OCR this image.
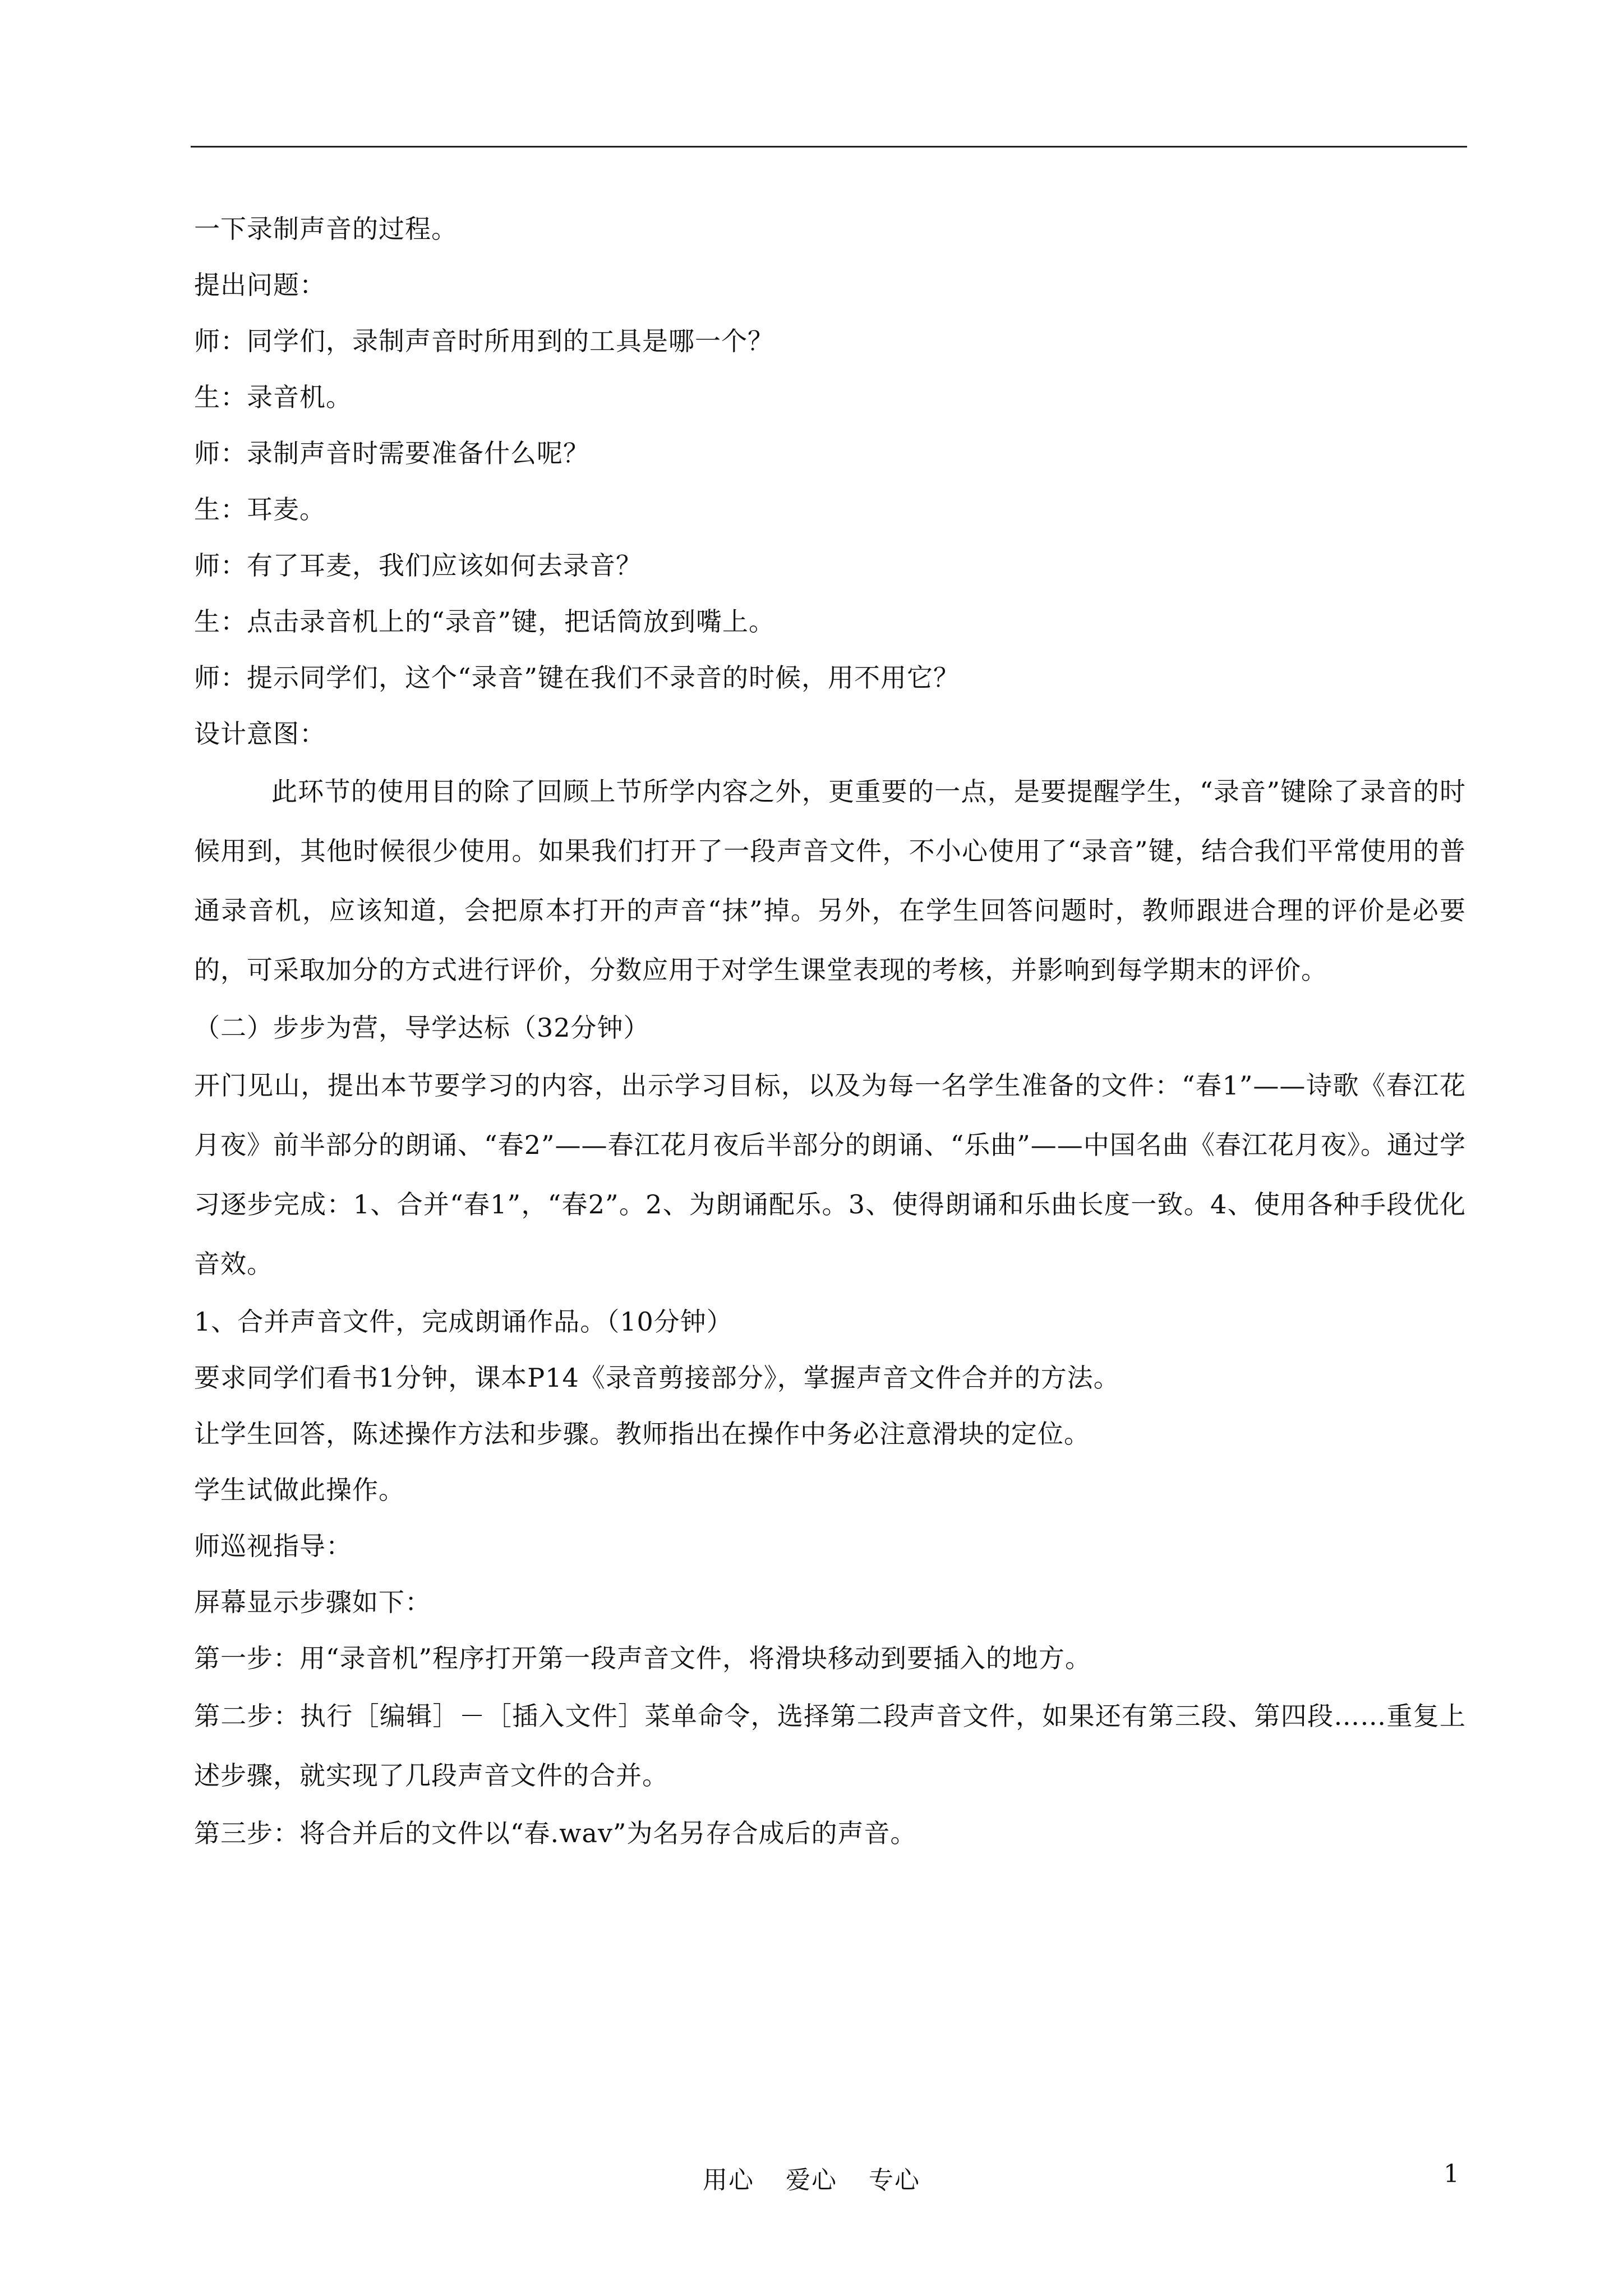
一下录制声音的过程。
提出问题：
师：同学们，录制声音时所用到的工具是哪一个？
生：录音机。
师：录制声音时需要准备什么呢？
生：耳麦。
师：有了耳麦，我们应该如何去录音？
生：点击录音机上的“录音”键，把话筒放到嘴上。
师：提示同学们，这个“录音”键在我们不录音的时候，用不用它？
设计意图：

此环节的使用目的除了回顾上节所学内容之外，更重要的一点，是要提醒学生，“录音”键除了录音的时候用到，其他时候很少使用。如果我们打开了一段声音文件，不小心使用了“录音”键，结合我们平常使用的普通录音机，应该知道，会把原本打开的声音“抹”掉。另外，在学生回答问题时，教师跟进合理的评价是必要的，可采取加分的方式进行评价，分数应用于对学生课堂表现的考核，并影响到每学期末的评价。

（二）步步为营，导学达标（32分钟）

开门见山，提出本节要学习的内容，出示学习目标，以及为每一名学生准备的文件：“春1”——诗歌《春江花月夜》前半部分的朗诵、“春2”——春江花月夜后半部分的朗诵、“乐曲”——中国名曲《春江花月夜》。通过学习逐步完成：1、合并“春1”，“春2”。2、为朗诵配乐。3、使得朗诵和乐曲长度一致。4、使用各种手段优化音效。

1、合并声音文件，完成朗诵作品。（10分钟）
要求同学们看书1分钟，课本P14《录音剪接部分》，掌握声音文件合并的方法。
让学生回答，陈述操作方法和步骤。教师指出在操作中务必注意滑块的定位。
学生试做此操作。
师巡视指导：
屏幕显示步骤如下：
第一步：用“录音机”程序打开第一段声音文件，将滑块移动到要插入的地方。

第二步：执行［编辑］－［插入文件］菜单命令，选择第二段声音文件，如果还有第三段、第四段……重复上述步骤，就实现了几段声音文件的合并。

第三步：将合并后的文件以“春.wav”为名另存合成后的声音。
用心 爱心 专心	1
